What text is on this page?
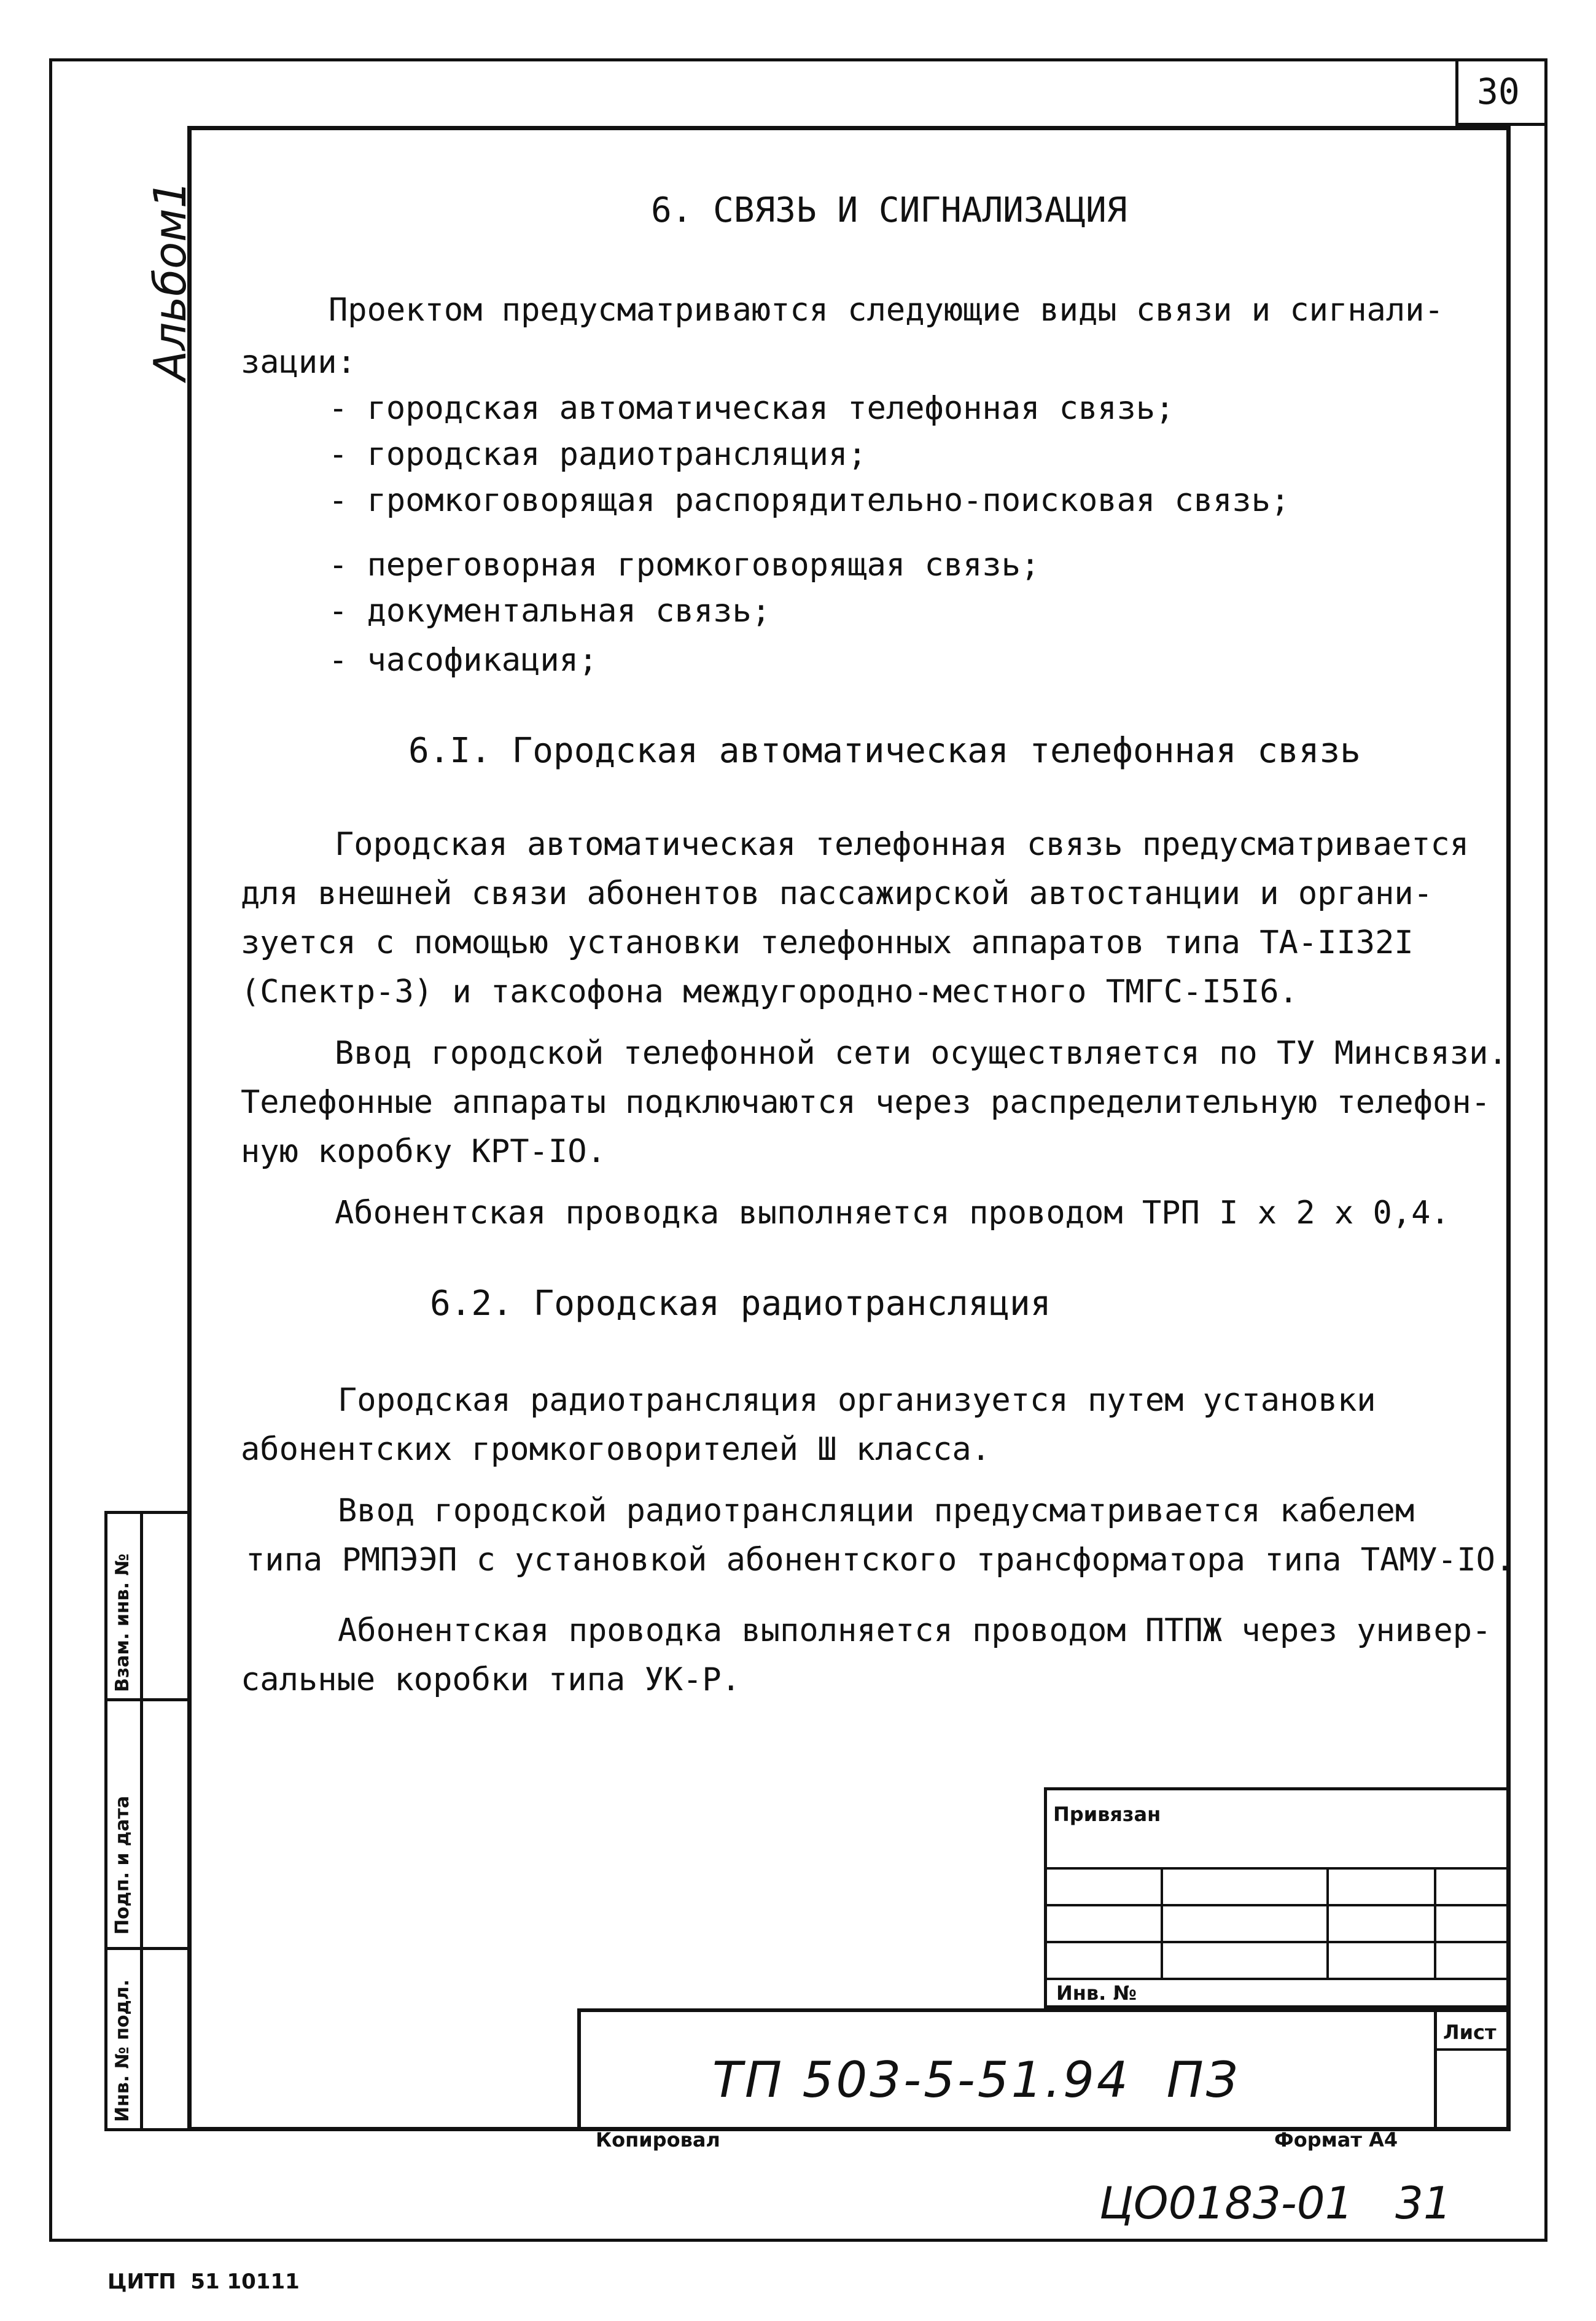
30
Альбом1
Взам. инв. №
Подп. и дата
Инв. № подл.
6. СВЯЗЬ И СИГНАЛИЗАЦИЯ
Проектом предусматриваются следующие виды связи и сигнали-
зации:
- городская автоматическая телефонная связь;
- городская радиотрансляция;
- громкоговорящая распорядительно-поисковая связь;
- переговорная громкоговорящая связь;
- документальная связь;
- часофикация;
6.I. Городская автоматическая телефонная связь
Городская автоматическая телефонная связь предусматривается
для внешней связи абонентов пассажирской автостанции и органи-
зуется с помощью установки телефонных аппаратов типа ТА-II32I
(Спектр-3) и таксофона междугородно-местного ТМГС-I5I6.
Ввод городской телефонной сети осуществляется по ТУ Минсвязи.
Телефонные аппараты подключаются через распределительную телефон-
ную коробку КРТ-IO.
Абонентская проводка выполняется проводом ТРП I x 2 x 0,4.
6.2. Городская радиотрансляция
Городская радиотрансляция организуется путем установки
абонентских громкоговорителей Ш класса.
Ввод городской радиотрансляции предусматривается кабелем
типа РМПЭЭП с установкой абонентского трансформатора типа ТАМУ-IO.
Абонентская проводка выполняется проводом ПТПЖ через универ-
сальные коробки типа УК-Р.
Привязан
Инв. №
Лист
ТП 503-5-51.94  ПЗ
Копировал	Формат А4
ЦО0183-01   31
ЦИТП  51 10111
